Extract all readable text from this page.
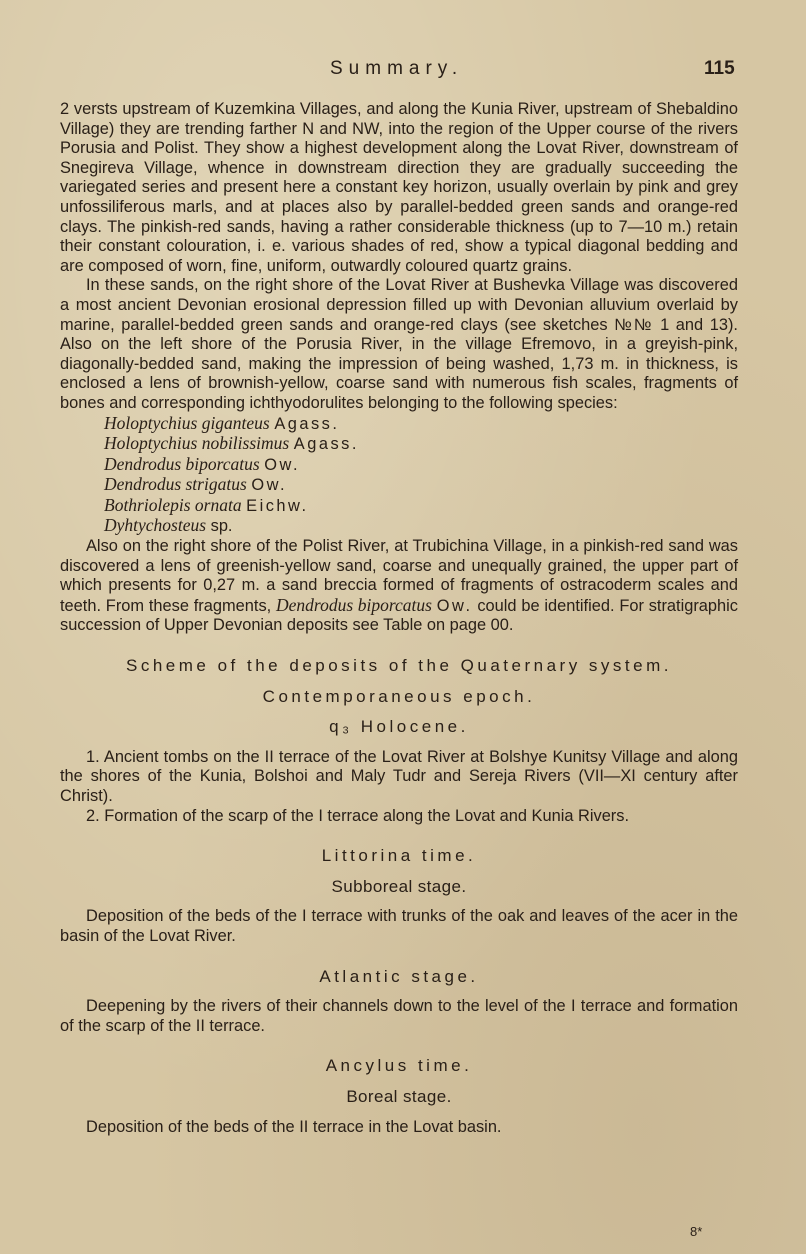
Summary.	115

2 versts upstream of Kuzemkina Villages, and along the Kunia River, upstream of Shebaldino Village) they are trending farther N and NW, into the region of the Upper course of the rivers Porusia and Polist. They show a highest development along the Lovat River, downstream of Snegireva Village, whence in downstream direction they are gradually succeeding the variegated series and present here a constant key horizon, usually overlain by pink and grey unfossiliferous marls, and at places also by parallel-bedded green sands and orange-red clays. The pinkish-red sands, having a rather considerable thickness (up to 7—10 m.) retain their constant colouration, i. e. various shades of red, show a typical diagonal bedding and are composed of worn, fine, uniform, outwardly coloured quartz grains.

In these sands, on the right shore of the Lovat River at Bushevka Village was discovered a most ancient Devonian erosional depression filled up with Devonian alluvium overlaid by marine, parallel-bedded green sands and orange-red clays (see sketches №№ 1 and 13). Also on the left shore of the Porusia River, in the village Efremovo, in a greyish-pink, diagonally-bedded sand, making the impression of being washed, 1,73 m. in thickness, is enclosed a lens of brownish-yellow, coarse sand with numerous fish scales, fragments of bones and corresponding ichthyodorulites belonging to the following species:

Holoptychius giganteus Agass.
Holoptychius nobilissimus Agass.
Dendrodus biporcatus Ow.
Dendrodus strigatus Ow.
Bothriolepis ornata Eichw.
Dyhtychosteus sp.

Also on the right shore of the Polist River, at Trubichina Village, in a pinkish-red sand was discovered a lens of greenish-yellow sand, coarse and unequally grained, the upper part of which presents for 0,27 m. a sand breccia formed of fragments of ostracoderm scales and teeth. From these fragments, Dendrodus biporcatus Ow. could be identified. For stratigraphic succession of Upper Devonian deposits see Table on page 00.

Scheme of the deposits of the Quaternary system.

Contemporaneous epoch.

q₃ Holocene.

1. Ancient tombs on the II terrace of the Lovat River at Bolshye Kunitsy Village and along the shores of the Kunia, Bolshoi and Maly Tudr and Sereja Rivers (VII—XI century after Christ).

2. Formation of the scarp of the I terrace along the Lovat and Kunia Rivers.

Littorina time.

Subboreal stage.

Deposition of the beds of the I terrace with trunks of the oak and leaves of the acer in the basin of the Lovat River.

Atlantic stage.

Deepening by the rivers of their channels down to the level of the I terrace and formation of the scarp of the II terrace.

Ancylus time.

Boreal stage.

Deposition of the beds of the II terrace in the Lovat basin.

8*
